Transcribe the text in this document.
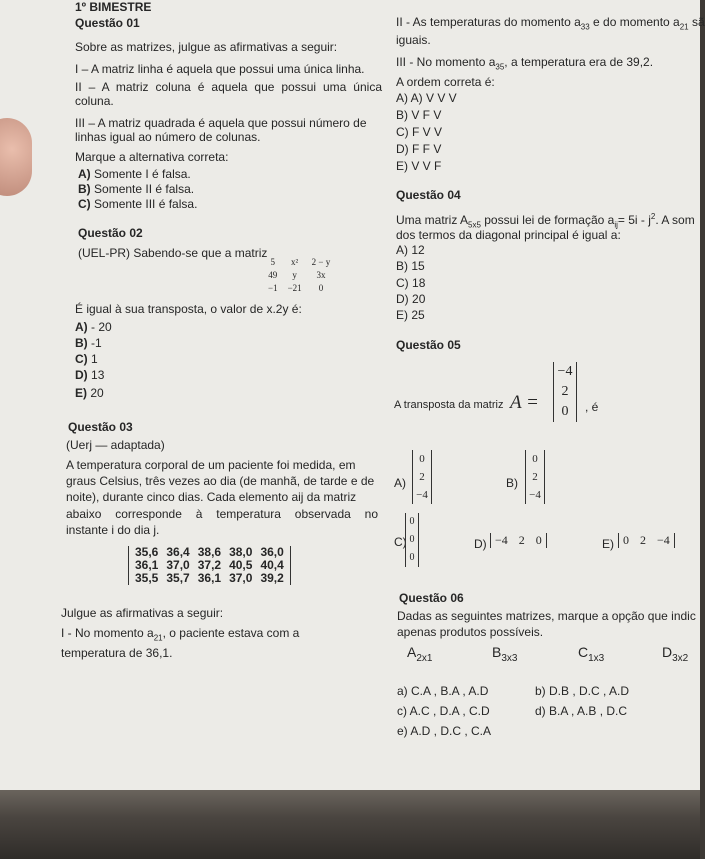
1º BIMESTRE
Questão 01
Sobre as matrizes, julgue as afirmativas a seguir:
I – A matriz linha é aquela que possui uma única linha.
II – A matriz coluna é aquela que possui uma única
coluna.
III – A matriz quadrada é aquela que possui número de
linhas igual ao número de colunas.
Marque a alternativa correta:
A) Somente I é falsa.
B) Somente II é falsa.
C) Somente III é falsa.
Questão 02
(UEL-PR) Sabendo-se que a matriz
5	x²	2 − y
49	y	3x
−1	−21	0
É igual à sua transposta, o valor de x.2y é:
A) - 20
B) -1
C) 1
D) 13
E) 20
Questão 03
(Uerj — adaptada)
A temperatura corporal de um paciente foi medida, em
graus Celsius, três vezes ao dia (de manhã, de tarde e de
noite), durante cinco dias. Cada elemento aij da matriz
abaixo corresponde à temperatura observada no
instante i do dia j.
35,6	36,4	38,6	38,0	36,0
36,1	37,0	37,2	40,5	40,4
35,5	35,7	36,1	37,0	39,2
Julgue as afirmativas a seguir:
I - No momento $a_{21}$, o paciente estava com a
temperatura de 36,1.
II - As temperaturas do momento $a_{33}$ e do momento $a_{21}$ sã
iguais.
III - No momento $a_{35}$, a temperatura era de 39,2.
A ordem correta é:
A) A) V V V
B) V F V
C) F V V
D) F F V
E) V V F
Questão 04
Uma matriz $A_{5x5}$ possui lei de formação $a_{ij}= 5i - j^2$. A som
dos termos da diagonal principal é igual a:
A) 12
B) 15
C) 18
D) 20
E) 25
Questão 05
A transposta da matriz A =
−4
2
0	, é
A)
0
2
−4
B)
0
2
−4
C)
0
0
0
D) −4 2 0	E) 0 2 −4
Questão 06
Dadas as seguintes matrizes, marque a opção que indic
apenas produtos possíveis.
$A_{2x1}$	$B_{3x3}$	$C_{1x3}$	$D_{3x2}$
a) C.A , B.A , A.D	b) D.B , D.C , A.D
c) A.C , D.A , C.D	d) B.A , A.B , D.C
e) A.D , D.C , C.A
